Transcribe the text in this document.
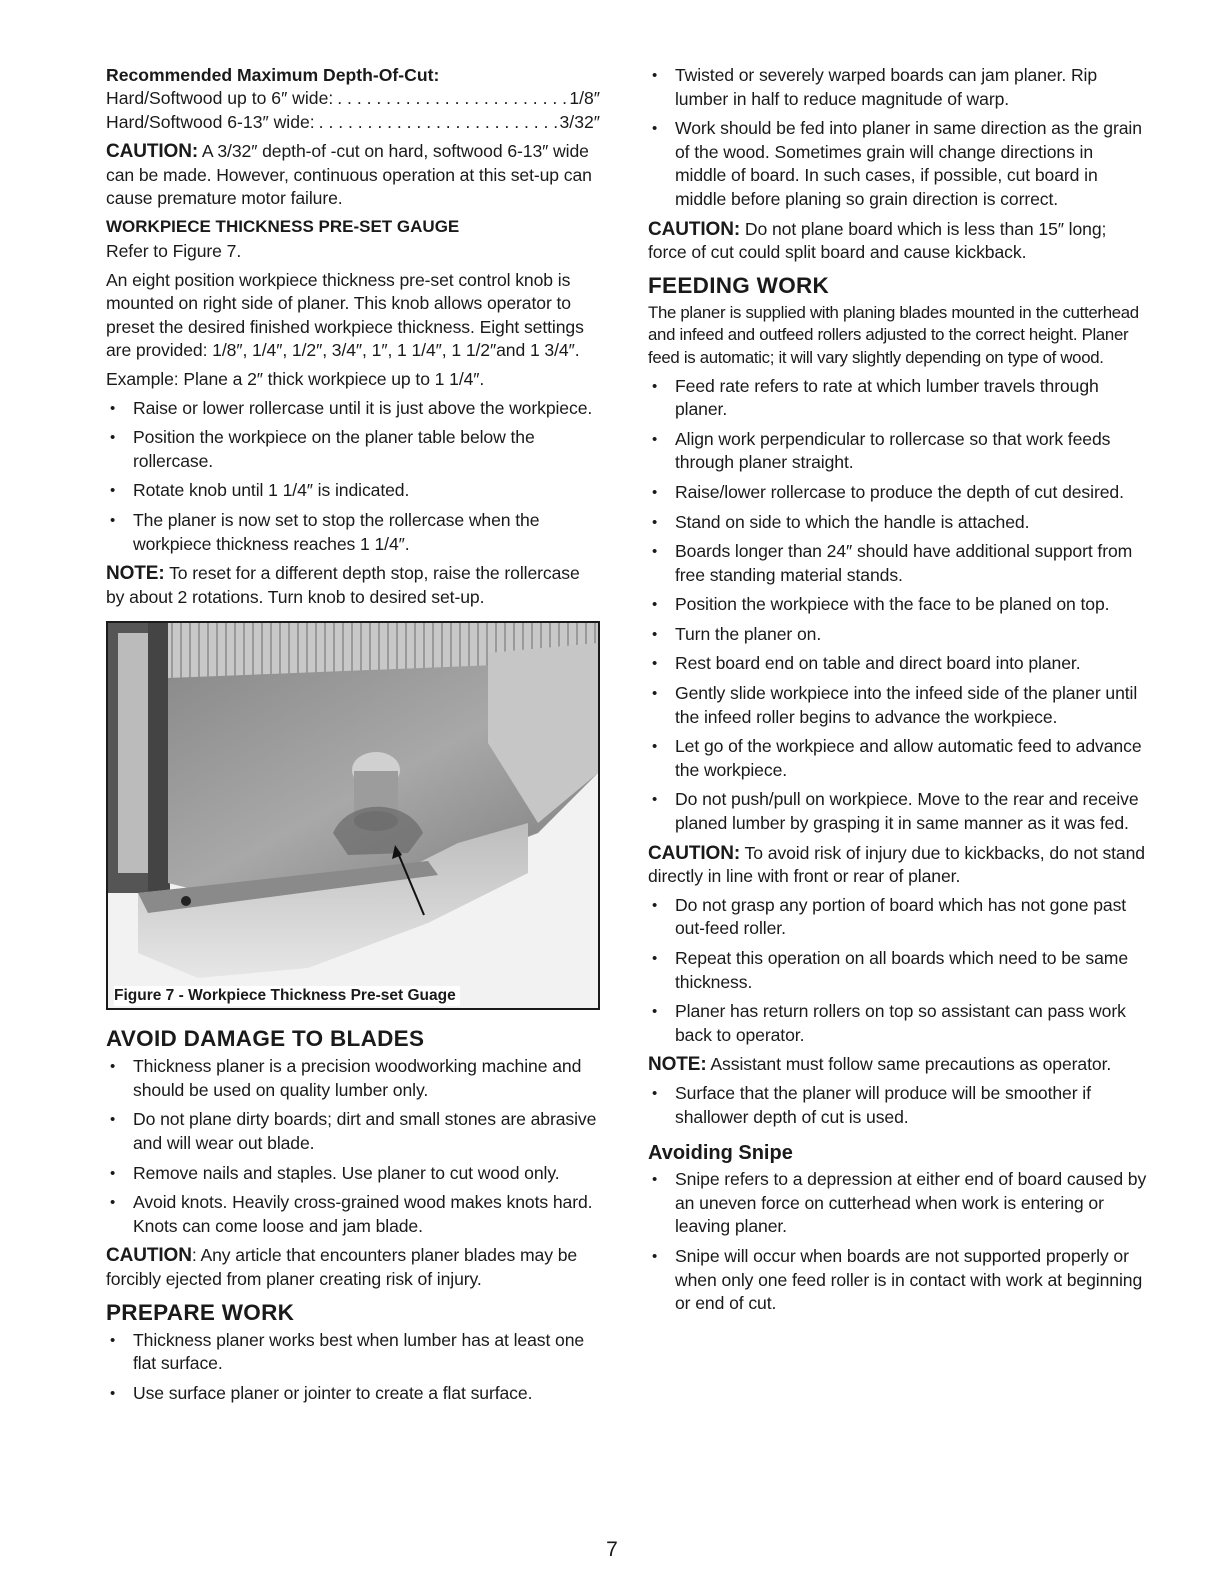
Recommended Maximum Depth-Of-Cut:
Hard/Softwood up to 6″ wide: . . .	1/8″
Hard/Softwood 6-13″ wide: . . .	3/32″

CAUTION: A 3/32″ depth-of -cut on hard, softwood 6-13″ wide can be made. However, continuous operation at this set-up can cause premature motor failure.

WORKPIECE THICKNESS PRE-SET GAUGE

Refer to Figure 7.

An eight position workpiece thickness pre-set control knob is mounted on right side of planer. This knob allows operator to preset the desired finished workpiece thickness. Eight settings are provided: 1/8″, 1/4″, 1/2″, 3/4″, 1″, 1 1/4″, 1 1/2″and 1 3/4″.

Example: Plane a 2″ thick workpiece up to 1 1/4″.

• Raise or lower rollercase until it is just above the workpiece.
• Position the workpiece on the planer table below the rollercase.
• Rotate knob until 1 1/4″ is indicated.
• The planer is now set to stop the rollercase when the workpiece thickness reaches 1 1/4″.

NOTE: To reset for a different depth stop, raise the rollercase by about 2 rotations. Turn knob to desired set-up.

Figure 7 - Workpiece Thickness Pre-set Guage
AVOID DAMAGE TO BLADES
• Thickness planer is a precision woodworking machine and should be used on quality lumber only.
• Do not plane dirty boards; dirt and small stones are abrasive and will wear out blade.
• Remove nails and staples. Use planer to cut wood only.
• Avoid knots. Heavily cross-grained wood makes knots hard. Knots can come loose and jam blade.

CAUTION: Any article that encounters planer blades may be forcibly ejected from planer creating risk of injury.

PREPARE WORK
• Thickness planer works best when lumber has at least one flat surface.
• Use surface planer or jointer to create a flat surface.
• Twisted or severely warped boards can jam planer. Rip lumber in half to reduce magnitude of warp.
• Work should be fed into planer in same direction as the grain of the wood. Sometimes grain will change directions in middle of board. In such cases, if possible, cut board in middle before planing so grain direction is correct.

CAUTION: Do not plane board which is less than 15″ long; force of cut could split board and cause kickback.

FEEDING WORK

The planer is supplied with planing blades mounted in the cutterhead and infeed and outfeed rollers adjusted to the correct height. Planer feed is automatic; it will vary slightly depending on type of wood.

• Feed rate refers to rate at which lumber travels through planer.
• Align work perpendicular to rollercase so that work feeds through planer straight.
• Raise/lower rollercase to produce the depth of cut desired.
• Stand on side to which the handle is attached.
• Boards longer than 24″ should have additional support from free standing material stands.
• Position the workpiece with the face to be planed on top.
• Turn the planer on.
• Rest board end on table and direct board into planer.
• Gently slide workpiece into the infeed side of the planer until the infeed roller begins to advance the workpiece.
• Let go of the workpiece and allow automatic feed to advance the workpiece.
• Do not push/pull on workpiece. Move to the rear and receive planed lumber by grasping it in same manner as it was fed.

CAUTION: To avoid risk of injury due to kickbacks, do not stand directly in line with front or rear of planer.

• Do not grasp any portion of board which has not gone past out-feed roller.
• Repeat this operation on all boards which need to be same thickness.
• Planer has return rollers on top so assistant can pass work back to operator.

NOTE: Assistant must follow same precautions as operator.

• Surface that the planer will produce will be smoother if shallower depth of cut is used.
Avoiding Snipe
• Snipe refers to a depression at either end of board caused by an uneven force on cutterhead when work is entering or leaving planer.
• Snipe will occur when boards are not supported properly or when only one feed roller is in contact with work at beginning or end of cut.
7
